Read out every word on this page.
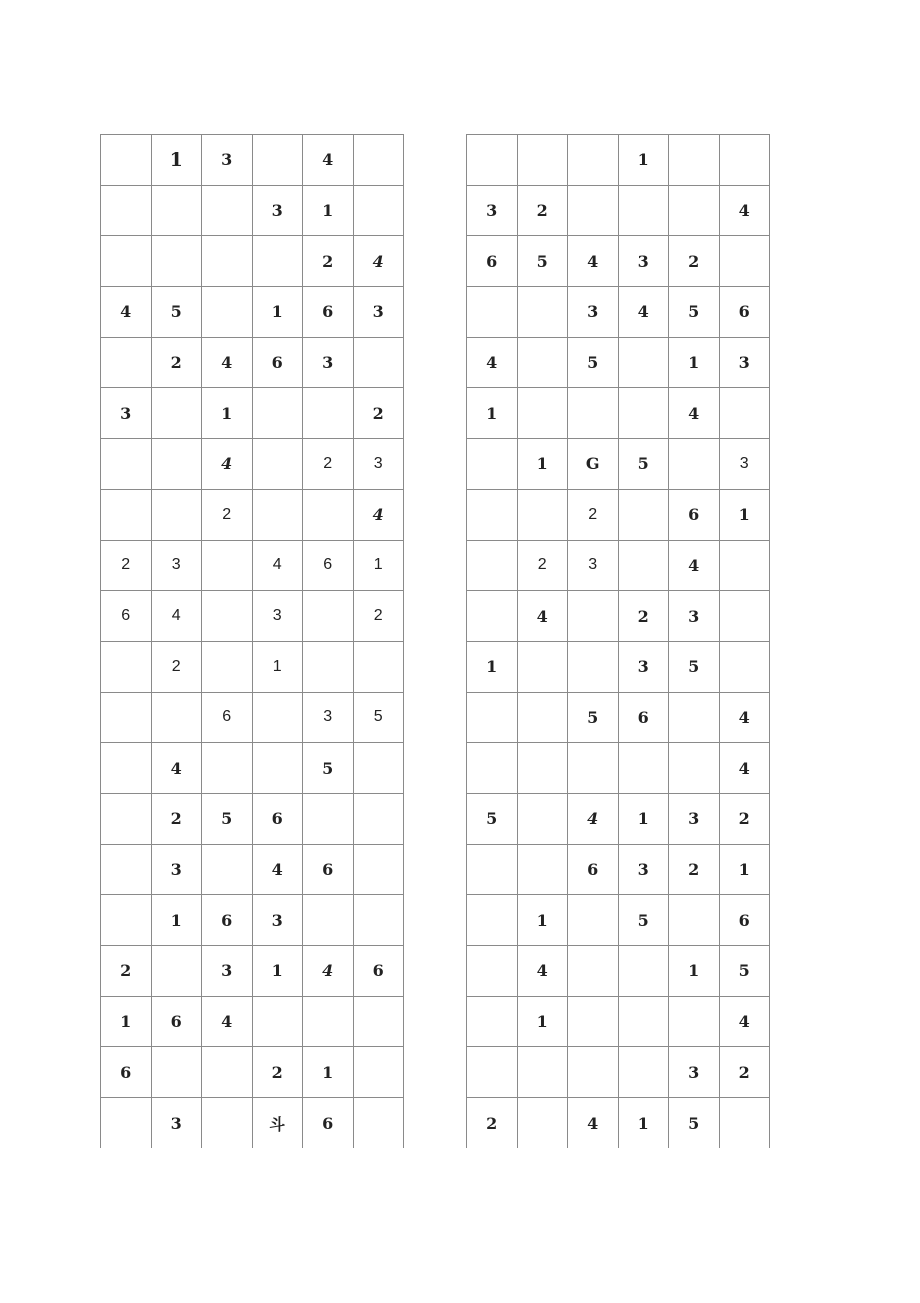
	1	3		4	
			3	1	
				2	4
4	5		1	6	3
	2	4	6	3	
3		1			2
		4		2	3
		2			4
2	3		4	6	1
6	4		3		2
	2		1		
		6		3	5
	4			5	
	2	5	6		
	3		4	6	
	1	6	3		
2		3	1	4	6
1	6	4			
6			2	1	
	3		斗	6	
			1		
3	2				4
6	5	4	3	2	
		3	4	5	6
4		5		1	3
1				4	
	1	G	5		3
		2		6	1
	2	3		4	
	4		2	3	
1			3	5	
		5	6		4
					4
5		4	1	3	2
		6	3	2	1
	1		5		6
	4			1	5
	1				4
				3	2
2		4	1	5	
